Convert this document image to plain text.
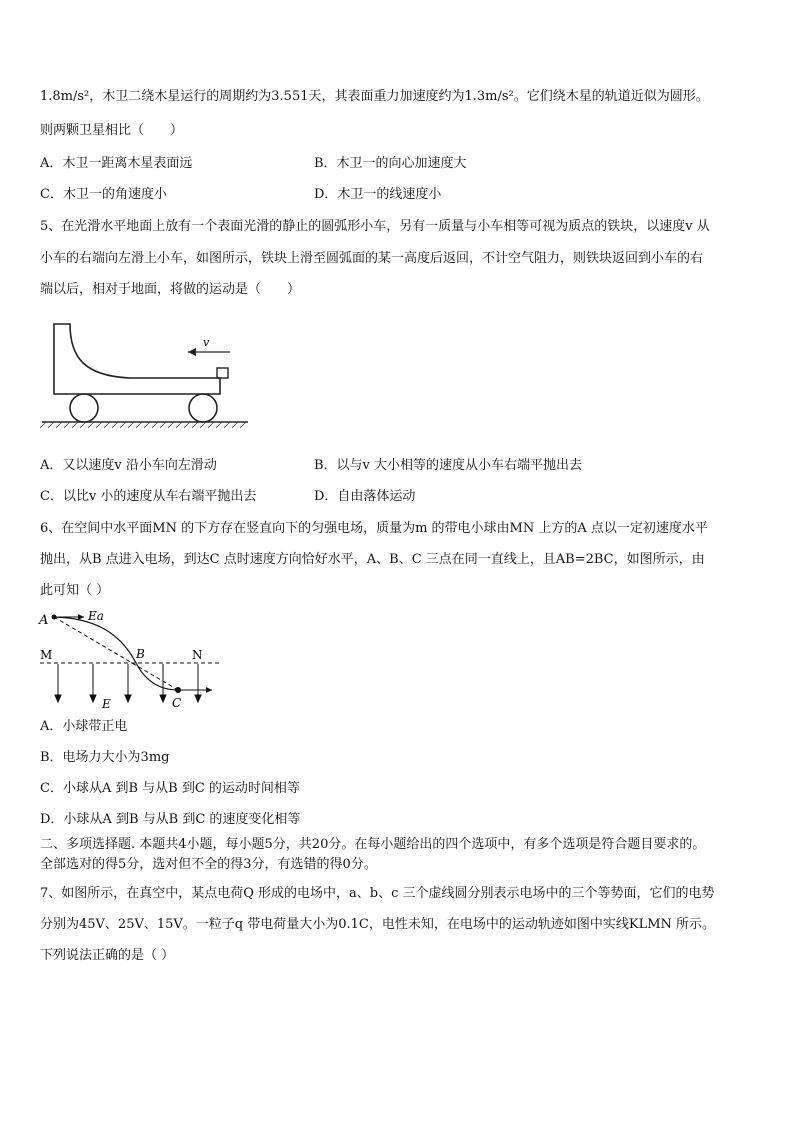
1.8m/s²，木卫二绕木星运行的周期约为3.551天，其表面重力加速度约为1.3m/s²。它们绕木星的轨道近似为圆形。
则两颗卫星相比（　　）
A．木卫一距离木星表面远	B．木卫一的向心加速度大
C．木卫一的角速度小	D．木卫一的线速度小
5、在光滑水平地面上放有一个表面光滑的静止的圆弧形小车，另有一质量与小车相等可视为质点的铁块，以速度v 从
小车的右端向左滑上小车，如图所示，铁块上滑至圆弧面的某一高度后返回，不计空气阻力，则铁块返回到小车的右
端以后，相对于地面，将做的运动是（　　）
v
A．又以速度v 沿小车向左滑动	B．以与v 大小相等的速度从小车右端平抛出去
C．以比v 小的速度从车右端平抛出去	D．自由落体运动
6、在空间中水平面MN 的下方存在竖直向下的匀强电场，质量为m 的带电小球由MN 上方的A 点以一定初速度水平
抛出，从B 点进入电场，到达C 点时速度方向恰好水平，A、B、C 三点在同一直线上，且AB=2BC，如图所示，由
此可知（ ）
A	Ea
M	B	N
E	C
A．小球带正电
B．电场力大小为3mg
C．小球从A 到B 与从B 到C 的运动时间相等
D．小球从A 到B 与从B 到C 的速度变化相等
二、多项选择题. 本题共4小题，每小题5分，共20分。在每小题给出的四个选项中，有多个选项是符合题目要求的。
全部选对的得5分，选对但不全的得3分，有选错的得0分。
7、如图所示，在真空中，某点电荷Q 形成的电场中，a、b、c 三个虚线圆分别表示电场中的三个等势面，它们的电势
分别为45V、25V、15V。一粒子q 带电荷量大小为0.1C，电性未知，在电场中的运动轨迹如图中实线KLMN 所示。
下列说法正确的是（ ）
